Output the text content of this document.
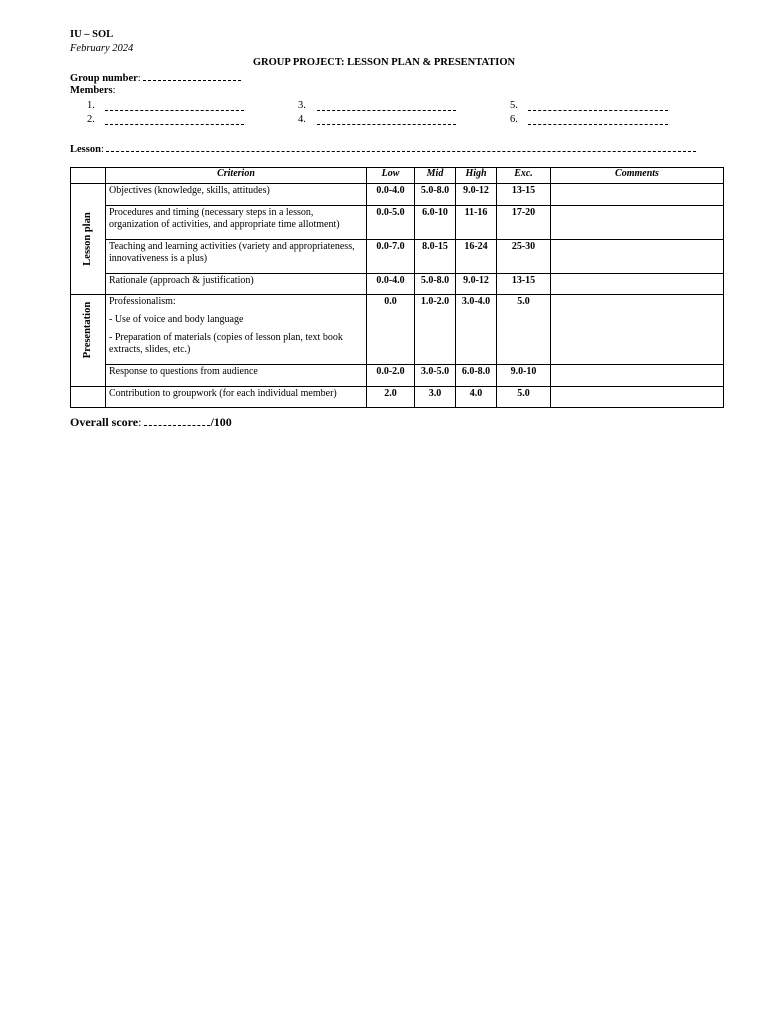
IU – SOL
February 2024
GROUP PROJECT: LESSON PLAN & PRESENTATION
Group number:
Members:
1.
2.
3.
4.
5.
6.
Lesson:
	Criterion	Low	Mid	High	Exc.	Comments

Lesson plan	Objectives (knowledge, skills, attitudes)	0.0-4.0	5.0-8.0	9.0-12	13-15	
	Procedures and timing (necessary steps in a lesson, organization of activities, and appropriate time allotment)	0.0-5.0	6.0-10	11-16	17-20	
	Teaching and learning activities (variety and appropriateness, innovativeness is a plus)	0.0-7.0	8.0-15	16-24	25-30	
	Rationale (approach & justification)	0.0-4.0	5.0-8.0	9.0-12	13-15	

Presentation	Professionalism:
- Use of voice and body language
- Preparation of materials (copies of lesson plan, text book extracts, slides, etc.)	0.0	1.0-2.0	3.0-4.0	5.0	
	Response to questions from audience	0.0-2.0	3.0-5.0	6.0-8.0	9.0-10	
	Contribution to groupwork (for each individual member)	2.0	3.0	4.0	5.0	
Overall score:	/100
